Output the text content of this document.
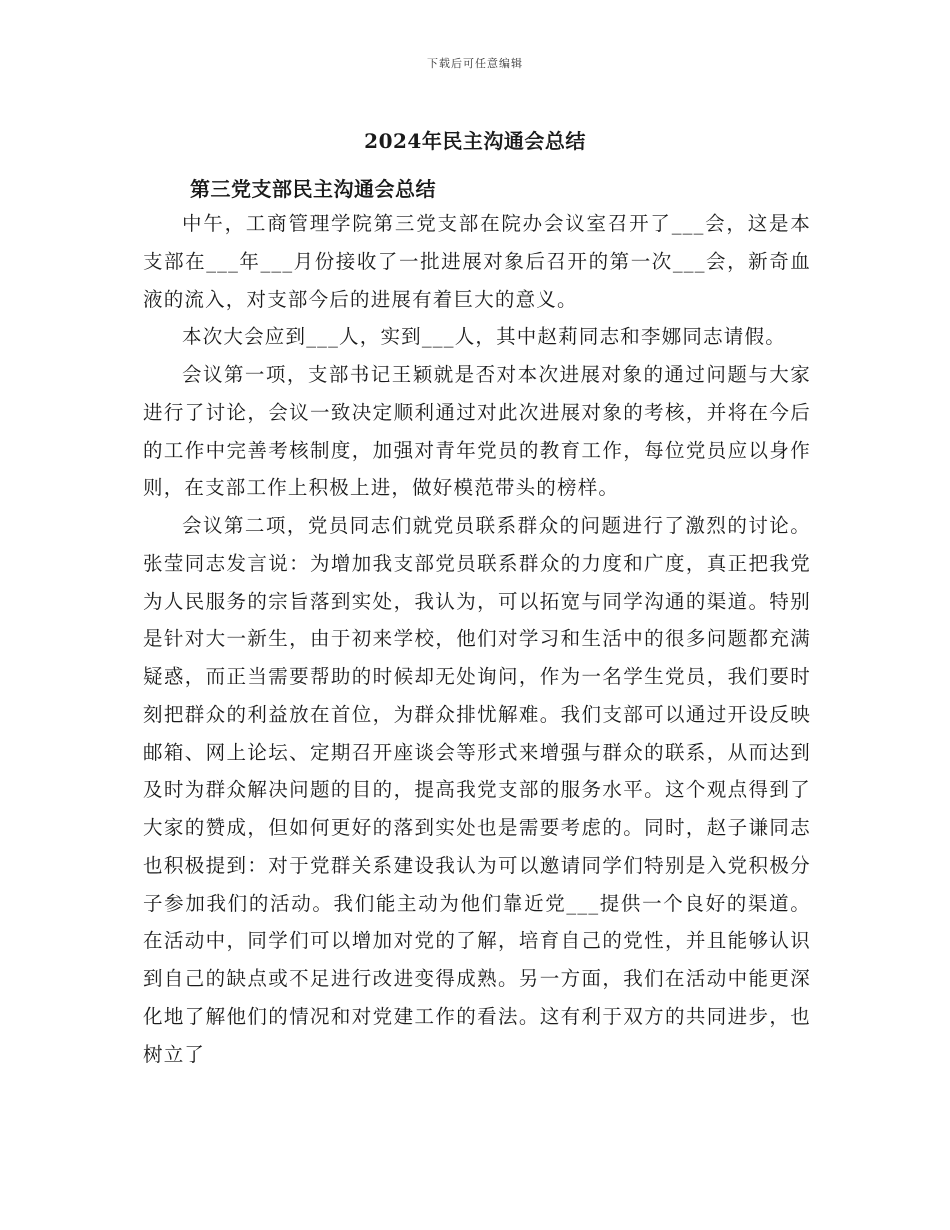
下载后可任意编辑
2024年民主沟通会总结
第三党支部民主沟通会总结

中午，工商管理学院第三党支部在院办会议室召开了___会，这是本支部在___年___月份接收了一批进展对象后召开的第一次___会，新奇血液的流入，对支部今后的进展有着巨大的意义。

本次大会应到___人，实到___人，其中赵莉同志和李娜同志请假。

会议第一项，支部书记王颖就是否对本次进展对象的通过问题与大家进行了讨论，会议一致决定顺利通过对此次进展对象的考核，并将在今后的工作中完善考核制度，加强对青年党员的教育工作，每位党员应以身作则，在支部工作上积极上进，做好模范带头的榜样。

会议第二项，党员同志们就党员联系群众的问题进行了激烈的讨论。张莹同志发言说：为增加我支部党员联系群众的力度和广度，真正把我党为人民服务的宗旨落到实处，我认为，可以拓宽与同学沟通的渠道。特别是针对大一新生，由于初来学校，他们对学习和生活中的很多问题都充满疑惑，而正当需要帮助的时候却无处询问，作为一名学生党员，我们要时刻把群众的利益放在首位，为群众排忧解难。我们支部可以通过开设反映邮箱、网上论坛、定期召开座谈会等形式来增强与群众的联系，从而达到及时为群众解决问题的目的，提高我党支部的服务水平。这个观点得到了大家的赞成，但如何更好的落到实处也是需要考虑的。同时，赵子谦同志也积极提到：对于党群关系建设我认为可以邀请同学们特别是入党积极分子参加我们的活动。我们能主动为他们靠近党___提供一个良好的渠道。在活动中，同学们可以增加对党的了解，培育自己的党性，并且能够认识到自己的缺点或不足进行改进变得成熟。另一方面，我们在活动中能更深化地了解他们的情况和对党建工作的看法。这有利于双方的共同进步，也树立了
